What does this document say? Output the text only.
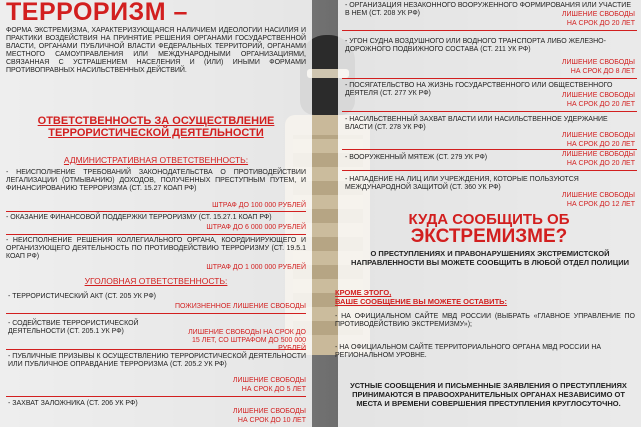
ТЕРРОРИЗМ –
ФОРМА ЭКСТРЕМИЗМА, ХАРАКТЕРИЗУЮЩАЯСЯ НАЛИЧИЕМ ИДЕОЛОГИИ НАСИЛИЯ И ПРАКТИКИ ВОЗДЕЙСТВИЯ НА ПРИНЯТИЕ РЕШЕНИЯ ОРГАНАМИ ГОСУДАРСТВЕННОЙ ВЛАСТИ, ОРГАНАМИ ПУБЛИЧНОЙ ВЛАСТИ ФЕДЕРАЛЬНЫХ ТЕРРИТОРИЙ, ОРГАНАМИ МЕСТНОГО САМОУПРАВЛЕНИЯ ИЛИ МЕЖДУНАРОДНЫМИ ОРГАНИЗАЦИЯМИ, СВЯЗАННАЯ С УСТРАШЕНИЕМ НАСЕЛЕНИЯ И (ИЛИ) ИНЫМИ ФОРМАМИ ПРОТИВОПРАВНЫХ НАСИЛЬСТВЕННЫХ ДЕЙСТВИЙ.
ОТВЕТСТВЕННОСТЬ ЗА ОСУЩЕСТВЛЕНИЕ ТЕРРОРИСТИЧЕСКОЙ ДЕЯТЕЛЬНОСТИ
АДМИНИСТРАТИВНАЯ ОТВЕТСТВЕННОСТЬ:
- НЕИСПОЛНЕНИЕ ТРЕБОВАНИЙ ЗАКОНОДАТЕЛЬСТВА О ПРОТИВОДЕЙСТВИИ ЛЕГАЛИЗАЦИИ (ОТМЫВАНИЮ) ДОХОДОВ, ПОЛУЧЕННЫХ ПРЕСТУПНЫМ ПУТЕМ, И ФИНАНСИРОВАНИЮ ТЕРРОРИЗМА (СТ. 15.27 КОАП РФ)
ШТРАФ ДО 100 000 РУБЛЕЙ
- ОКАЗАНИЕ ФИНАНСОВОЙ ПОДДЕРЖКИ ТЕРРОРИЗМУ (СТ. 15.27.1 КОАП РФ)
ШТРАФ ДО 6 000 000 РУБЛЕЙ
- НЕИСПОЛНЕНИЕ РЕШЕНИЯ КОЛЛЕГИАЛЬНОГО ОРГАНА, КООРДИНИРУЮЩЕГО И ОРГАНИЗУЮЩЕГО ДЕЯТЕЛЬНОСТЬ ПО ПРОТИВОДЕЙСТВИЮ ТЕРРОРИЗМУ (СТ. 19.5.1 КОАП РФ)
ШТРАФ ДО 1 000 000 РУБЛЕЙ
УГОЛОВНАЯ ОТВЕТСТВЕННОСТЬ:
- ТЕРРОРИСТИЧЕСКИЙ АКТ (СТ. 205 УК РФ)
ПОЖИЗНЕННОЕ ЛИШЕНИЕ СВОБОДЫ
- СОДЕЙСТВИЕ ТЕРРОРИСТИЧЕСКОЙ ДЕЯТЕЛЬНОСТИ (СТ. 205.1 УК РФ)	ЛИШЕНИЕ СВОБОДЫ НА СРОК ДО 15 ЛЕТ, СО ШТРАФОМ ДО 500 000
- ПУБЛИЧНЫЕ ПРИЗЫВЫ К ОСУЩЕСТВЛЕНИЮ ТЕРРОРИСТИЧЕСКОЙ ДЕЯТЕЛЬНОСТИ ИЛИ ПУБЛИЧНОЕ ОПРАВДАНИЕ ТЕРРОРИЗМА (СТ. 205.2 УК РФ)
ЛИШЕНИЕ СВОБОДЫ
НА СРОК ДО 5 ЛЕТ
- ЗАХВАТ ЗАЛОЖНИКА (СТ. 206 УК РФ)
ЛИШЕНИЕ СВОБОДЫ
НА СРОК ДО 10 ЛЕТ
- ОРГАНИЗАЦИЯ НЕЗАКОННОГО ВООРУЖЕННОГО ФОРМИРОВАНИЯ ИЛИ УЧАСТИЕ В НЕМ (СТ. 208 УК РФ)	ЛИШЕНИЕ СВОБОДЫ
НА СРОК ДО 20 ЛЕТ
- УГОН СУДНА ВОЗДУШНОГО ИЛИ ВОДНОГО ТРАНСПОРТА ЛИБО ЖЕЛЕЗНО-ДОРОЖНОГО ПОДВИЖНОГО СОСТАВА (СТ. 211 УК РФ)
ЛИШЕНИЕ СВОБОДЫ
НА СРОК ДО 8 ЛЕТ
- ПОСЯГАТЕЛЬСТВО НА ЖИЗНЬ ГОСУДАРСТВЕННОГО ИЛИ ОБЩЕСТВЕННОГО ДЕЯТЕЛЯ (СТ. 277 УК РФ)	ЛИШЕНИЕ СВОБОДЫ
НА СРОК ДО 20 ЛЕТ
- НАСИЛЬСТВЕННЫЙ ЗАХВАТ ВЛАСТИ ИЛИ НАСИЛЬСТВЕННОЕ УДЕРЖАНИЕ ВЛАСТИ (СТ. 278 УК РФ)
ЛИШЕНИЕ СВОБОДЫ
НА СРОК ДО 20 ЛЕТ
- ВООРУЖЕННЫЙ МЯТЕЖ (СТ. 279 УК РФ)	ЛИШЕНИЕ СВОБОДЫ
НА СРОК ДО 20 ЛЕТ
- НАПАДЕНИЕ НА ЛИЦ ИЛИ УЧРЕЖДЕНИЯ, КОТОРЫЕ ПОЛЬЗУЮТСЯ МЕЖДУНАРОДНОЙ ЗАЩИТОЙ (СТ. 360 УК РФ)
ЛИШЕНИЕ СВОБОДЫ
НА СРОК ДО 12 ЛЕТ
КУДА СООБЩИТЬ ОБ
ЭКСТРЕМИЗМЕ?
О ПРЕСТУПЛЕНИЯХ И ПРАВОНАРУШЕНИЯХ ЭКСТРЕМИСТСКОЙ НАПРАВЛЕННОСТИ ВЫ МОЖЕТЕ СООБЩИТЬ В ЛЮБОЙ ОТДЕЛ ПОЛИЦИИ
КРОМЕ ЭТОГО,
ВАШЕ СООБЩЕНИЕ ВЫ МОЖЕТЕ ОСТАВИТЬ:
- НА ОФИЦИАЛЬНОМ САЙТЕ МВД РОССИИ (ВЫБРАТЬ «ГЛАВНОЕ УПРАВЛЕНИЕ ПО ПРОТИВОДЕЙСТВИЮ ЭКСТРЕМИЗМУ»);
- НА ОФИЦИАЛЬНОМ САЙТЕ ТЕРРИТОРИАЛЬНОГО ОРГАНА МВД РОССИИ НА РЕГИОНАЛЬНОМ УРОВНЕ.
УСТНЫЕ СООБЩЕНИЯ И ПИСЬМЕННЫЕ ЗАЯВЛЕНИЯ О ПРЕСТУПЛЕНИЯХ ПРИНИМАЮТСЯ В ПРАВООХРАНИТЕЛЬНЫХ ОРГАНАХ НЕЗАВИСИМО ОТ МЕСТА И ВРЕМЕНИ СОВЕРШЕНИЯ ПРЕСТУПЛЕНИЯ КРУГЛОСУТОЧНО.
